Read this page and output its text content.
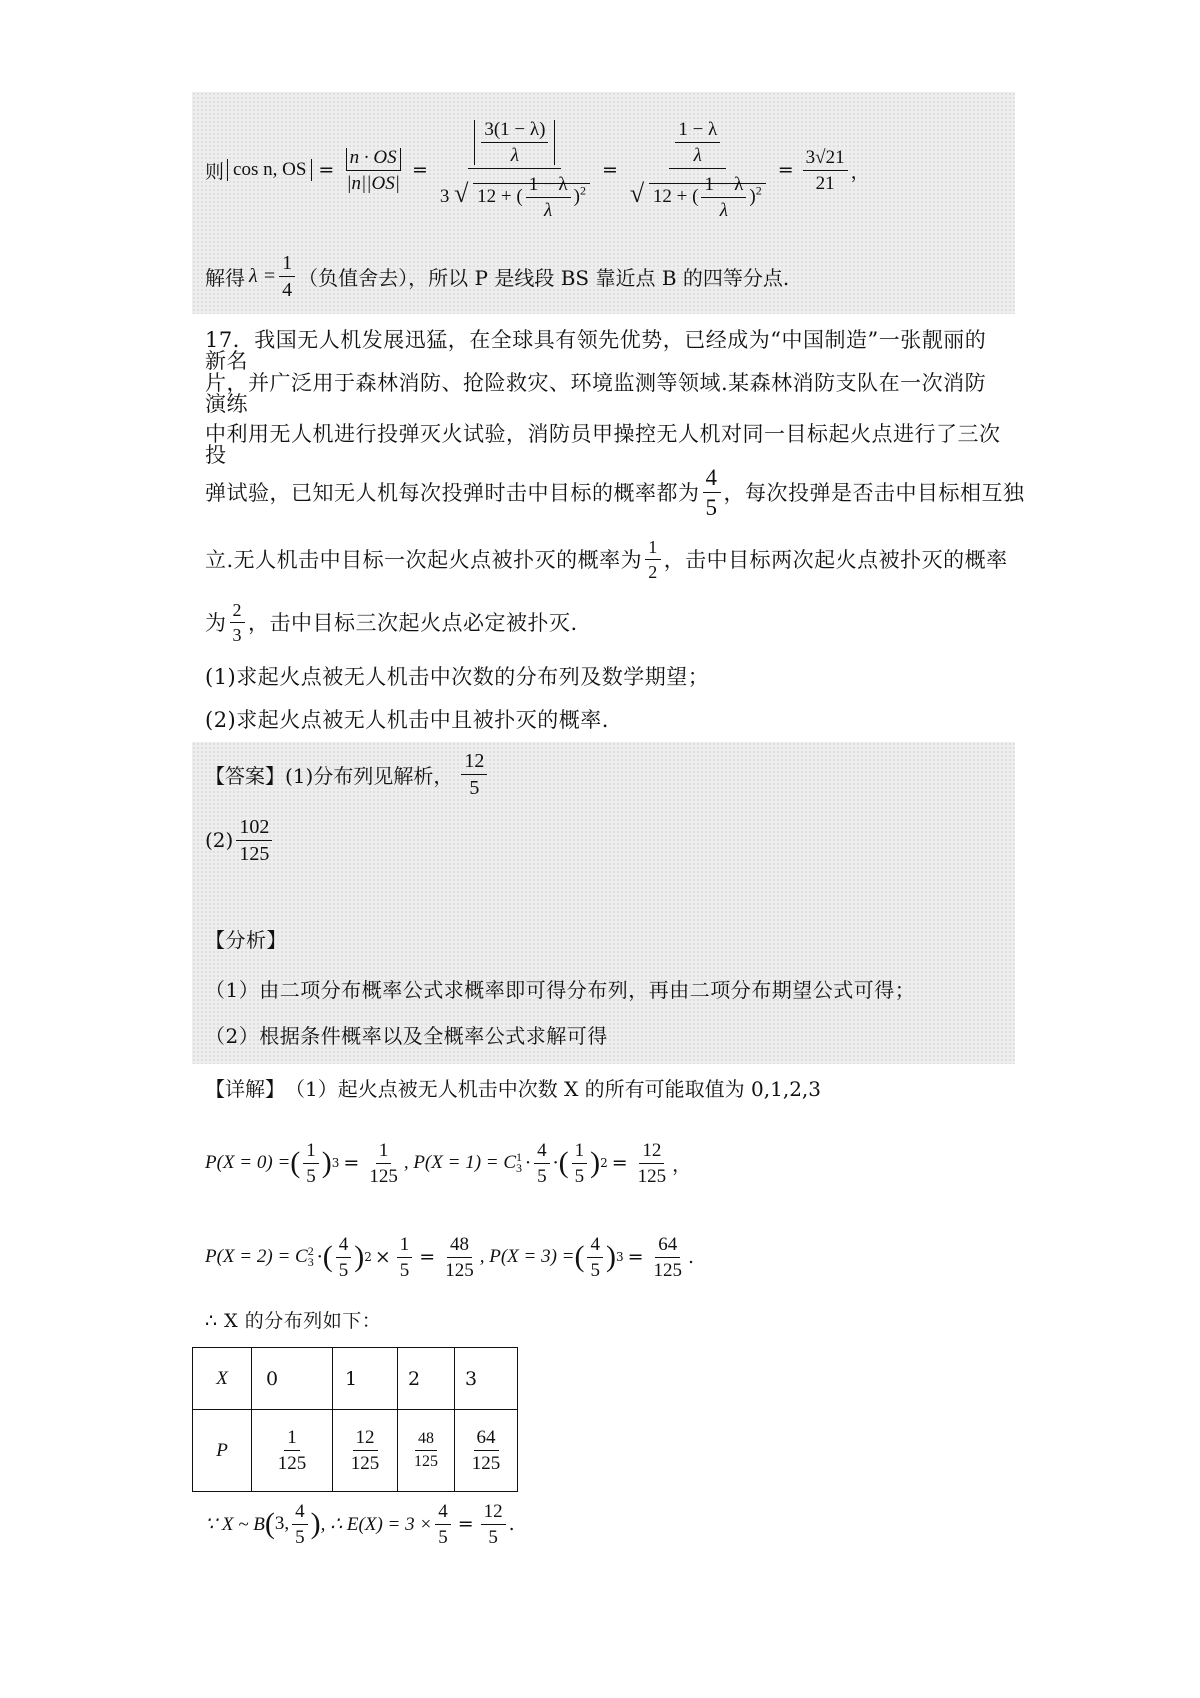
则 cos n, OS = $\frac{n \cdot OS}{|n||OS|} = \frac{\frac{3(1 - \lambda)}{\lambda}}{3 √ 12 + ( \frac{1 - \lambda}{\lambda} )^2} = \frac{\frac{1 - \lambda}{\lambda}}{√ 12 + ( \frac{1 - \lambda}{\lambda} )^2} = \frac{3√21}{21}$ ，
解得 $\lambda = \frac{1}{4}$ （负值舍去），所以 P 是线段 BS 靠近点 B 的四等分点.
17．我国无人机发展迅猛，在全球具有领先优势，已经成为“中国制造”一张靓丽的新名
片，并广泛用于森林消防、抢险救灾、环境监测等领域.某森林消防支队在一次消防演练
中利用无人机进行投弹灭火试验，消防员甲操控无人机对同一目标起火点进行了三次投
弹试验，已知无人机每次投弹时击中目标的概率都为 $\frac{4}{5}$ ，每次投弹是否击中目标相互独
立.无人机击中目标一次起火点被扑灭的概率为 $\frac{1}{2}$ ，击中目标两次起火点被扑灭的概率
为 $\frac{2}{3}$ ，击中目标三次起火点必定被扑灭.
(1)求起火点被无人机击中次数的分布列及数学期望；
(2)求起火点被无人机击中且被扑灭的概率.
【答案】 (1)分布列见解析， $\frac{12}{5}$
$(2) \frac{102}{125}$
【分析】
（1）由二项分布概率公式求概率即可得分布列，再由二项分布期望公式可得；
（2）根据条件概率以及全概率公式求解可得
【详解】 （1）起火点被无人机击中次数 X 的所有可能取值为 0,1,2,3
P(X = 0) = ( $\frac{1}{5}$ ) $3 = \frac{1}{125}$ , P(X = 1) = C 1
$3 \cdot \frac{4}{5}$ · ( $\frac{1}{5}$ ) $2 = \frac{12}{125}$ ，
P(X = 2) = C 2
3 · ( $\frac{4}{5}$ ) $2 \times \frac{1}{5} = \frac{48}{125}$ , P(X = 3) = ( $\frac{4}{5}$ ) $3 = \frac{64}{125}$ .
∴ X 的分布列如下：
X	0	1	2	3
P	$\frac{1}{125}$	$\frac{12}{125}$	$\frac{48}{125}$	$\frac{64}{125}$
∵ X ~ B ( 3, $\frac{4}{5}$ ) , ∴ $E(X) = 3 \times \frac{4}{5} = \frac{12}{5}$ .
